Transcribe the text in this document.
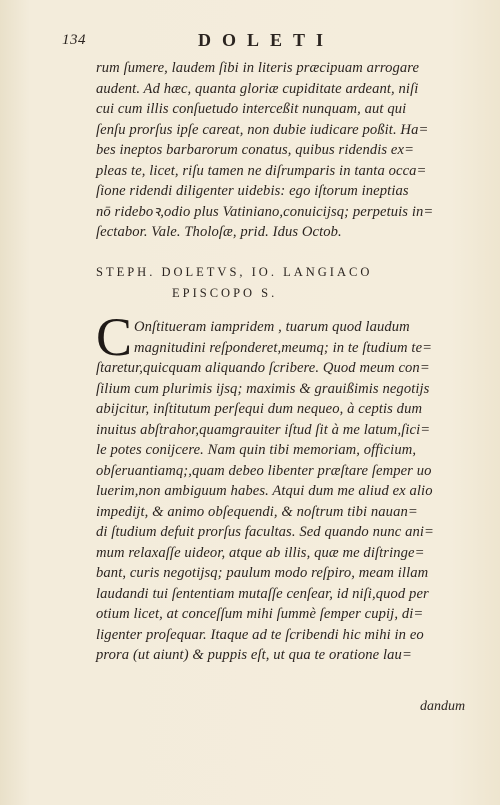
134	DOLETI
rum ſumere, laudem ſibi in literis præcipuam arrogare
audent. Ad hæc, quanta gloriæ cupiditate ardeant, niſi
cui cum illis conſuetudo interceßit nunquam, aut qui
ſenſu prorſus ipſe careat, non dubie iudicare poßit. Ha=
bes ineptos barbarorum conatus, quibus ridendis ex=
pleas te, licet, riſu tamen ne diſrumparis in tanta occa=
ſione ridendi diligenter uidebis: ego iſtorum ineptias
nō rideboꝛ,odio plus Vatiniano,conuicijsq; perpetuis in=
ſectabor. Vale. Tholoſæ, prid. Idus Octob.
STEPH. DOLETVS, IO. LANGIACO
EPISCOPO S.
C Onſtitueram iampridem , tuarum quod laudum
magnitudini reſponderet,meumq; in te ſtudium te=
ſtaretur,quicquam aliquando ſcribere. Quod meum con=
ſilium cum plurimis ijsq; maximis & grauißimis negotijs
abijcitur, inſtitutum perſequi dum nequeo, à ceptis dum
inuitus abſtrahor,quamgrauiter iſtud ſit à me latum,ſici=
le potes conijcere. Nam quin tibi memoriam, officium,
obſeruantiamq;,quam debeo libenter præſtare ſemper uo
luerim,non ambiguum habes. Atqui dum me aliud ex alio
impedijt, & animo obſequendi, & noſtrum tibi nauan=
di ſtudium defuit prorſus facultas. Sed quando nunc ani=
mum relaxaſſe uideor, atque ab illis, quæ me diſtringe=
bant, curis negotijsq; paulum modo reſpiro, meam illam
laudandi tui ſententiam mutaſſe cenſear, id niſi,quod per
otium licet, at conceſſum mihi ſummè ſemper cupij, di=
ligenter proſequar. Itaque ad te ſcribendi hic mihi in eo
prora (ut aiunt) & puppis eſt, ut qua te oratione lau=
dandum
